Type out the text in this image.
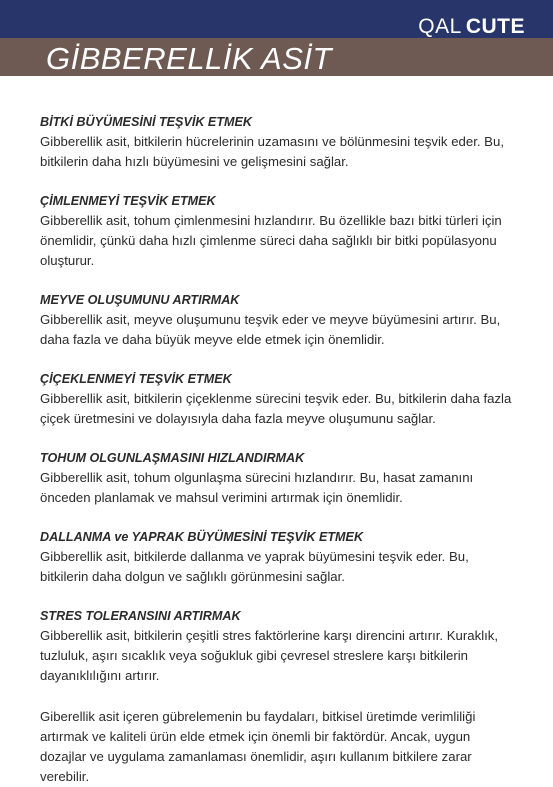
QAL CUTE
GİBBERELLİK ASİT
BİTKİ BÜYÜMESİNİ TEŞVİK ETMEK

Gibberellik asit, bitkilerin hücrelerinin uzamasını ve bölünmesini teşvik eder. Bu, bitkilerin daha hızlı büyümesini ve gelişmesini sağlar.

ÇİMLENMEYİ TEŞVİK ETMEK

Gibberellik asit, tohum çimlenmesini hızlandırır. Bu özellikle bazı bitki türleri için önemlidir, çünkü daha hızlı çimlenme süreci daha sağlıklı bir bitki popülasyonu oluşturur.

MEYVE OLUŞUMUNU ARTIRMAK

Gibberellik asit, meyve oluşumunu teşvik eder ve meyve büyümesini artırır. Bu, daha fazla ve daha büyük meyve elde etmek için önemlidir.

ÇİÇEKLENMEYİ TEŞVİK ETMEK

Gibberellik asit, bitkilerin çiçeklenme sürecini teşvik eder. Bu, bitkilerin daha fazla çiçek üretmesini ve dolayısıyla daha fazla meyve oluşumunu sağlar.

TOHUM OLGUNLAŞMASINI HIZLANDIRMAK

Gibberellik asit, tohum olgunlaşma sürecini hızlandırır. Bu, hasat zamanını önceden planlamak ve mahsul verimini artırmak için önemlidir.

DALLANMA ve YAPRAK BÜYÜMESİNİ TEŞVİK ETMEK

Gibberellik asit, bitkilerde dallanma ve yaprak büyümesini teşvik eder. Bu, bitkilerin daha dolgun ve sağlıklı görünmesini sağlar.

STRES TOLERANSINI ARTIRMAK

Gibberellik asit, bitkilerin çeşitli stres faktörlerine karşı direncini artırır. Kuraklık, tuzluluk, aşırı sıcaklık veya soğukluk gibi çevresel streslere karşı bitkilerin dayanıklılığını artırır.

Giberellik asit içeren gübrelemenin bu faydaları, bitkisel üretimde verimliliği artırmak ve kaliteli ürün elde etmek için önemli bir faktördür. Ancak, uygun dozajlar ve uygulama zamanlaması önemlidir, aşırı kullanım bitkilere zarar verebilir.
